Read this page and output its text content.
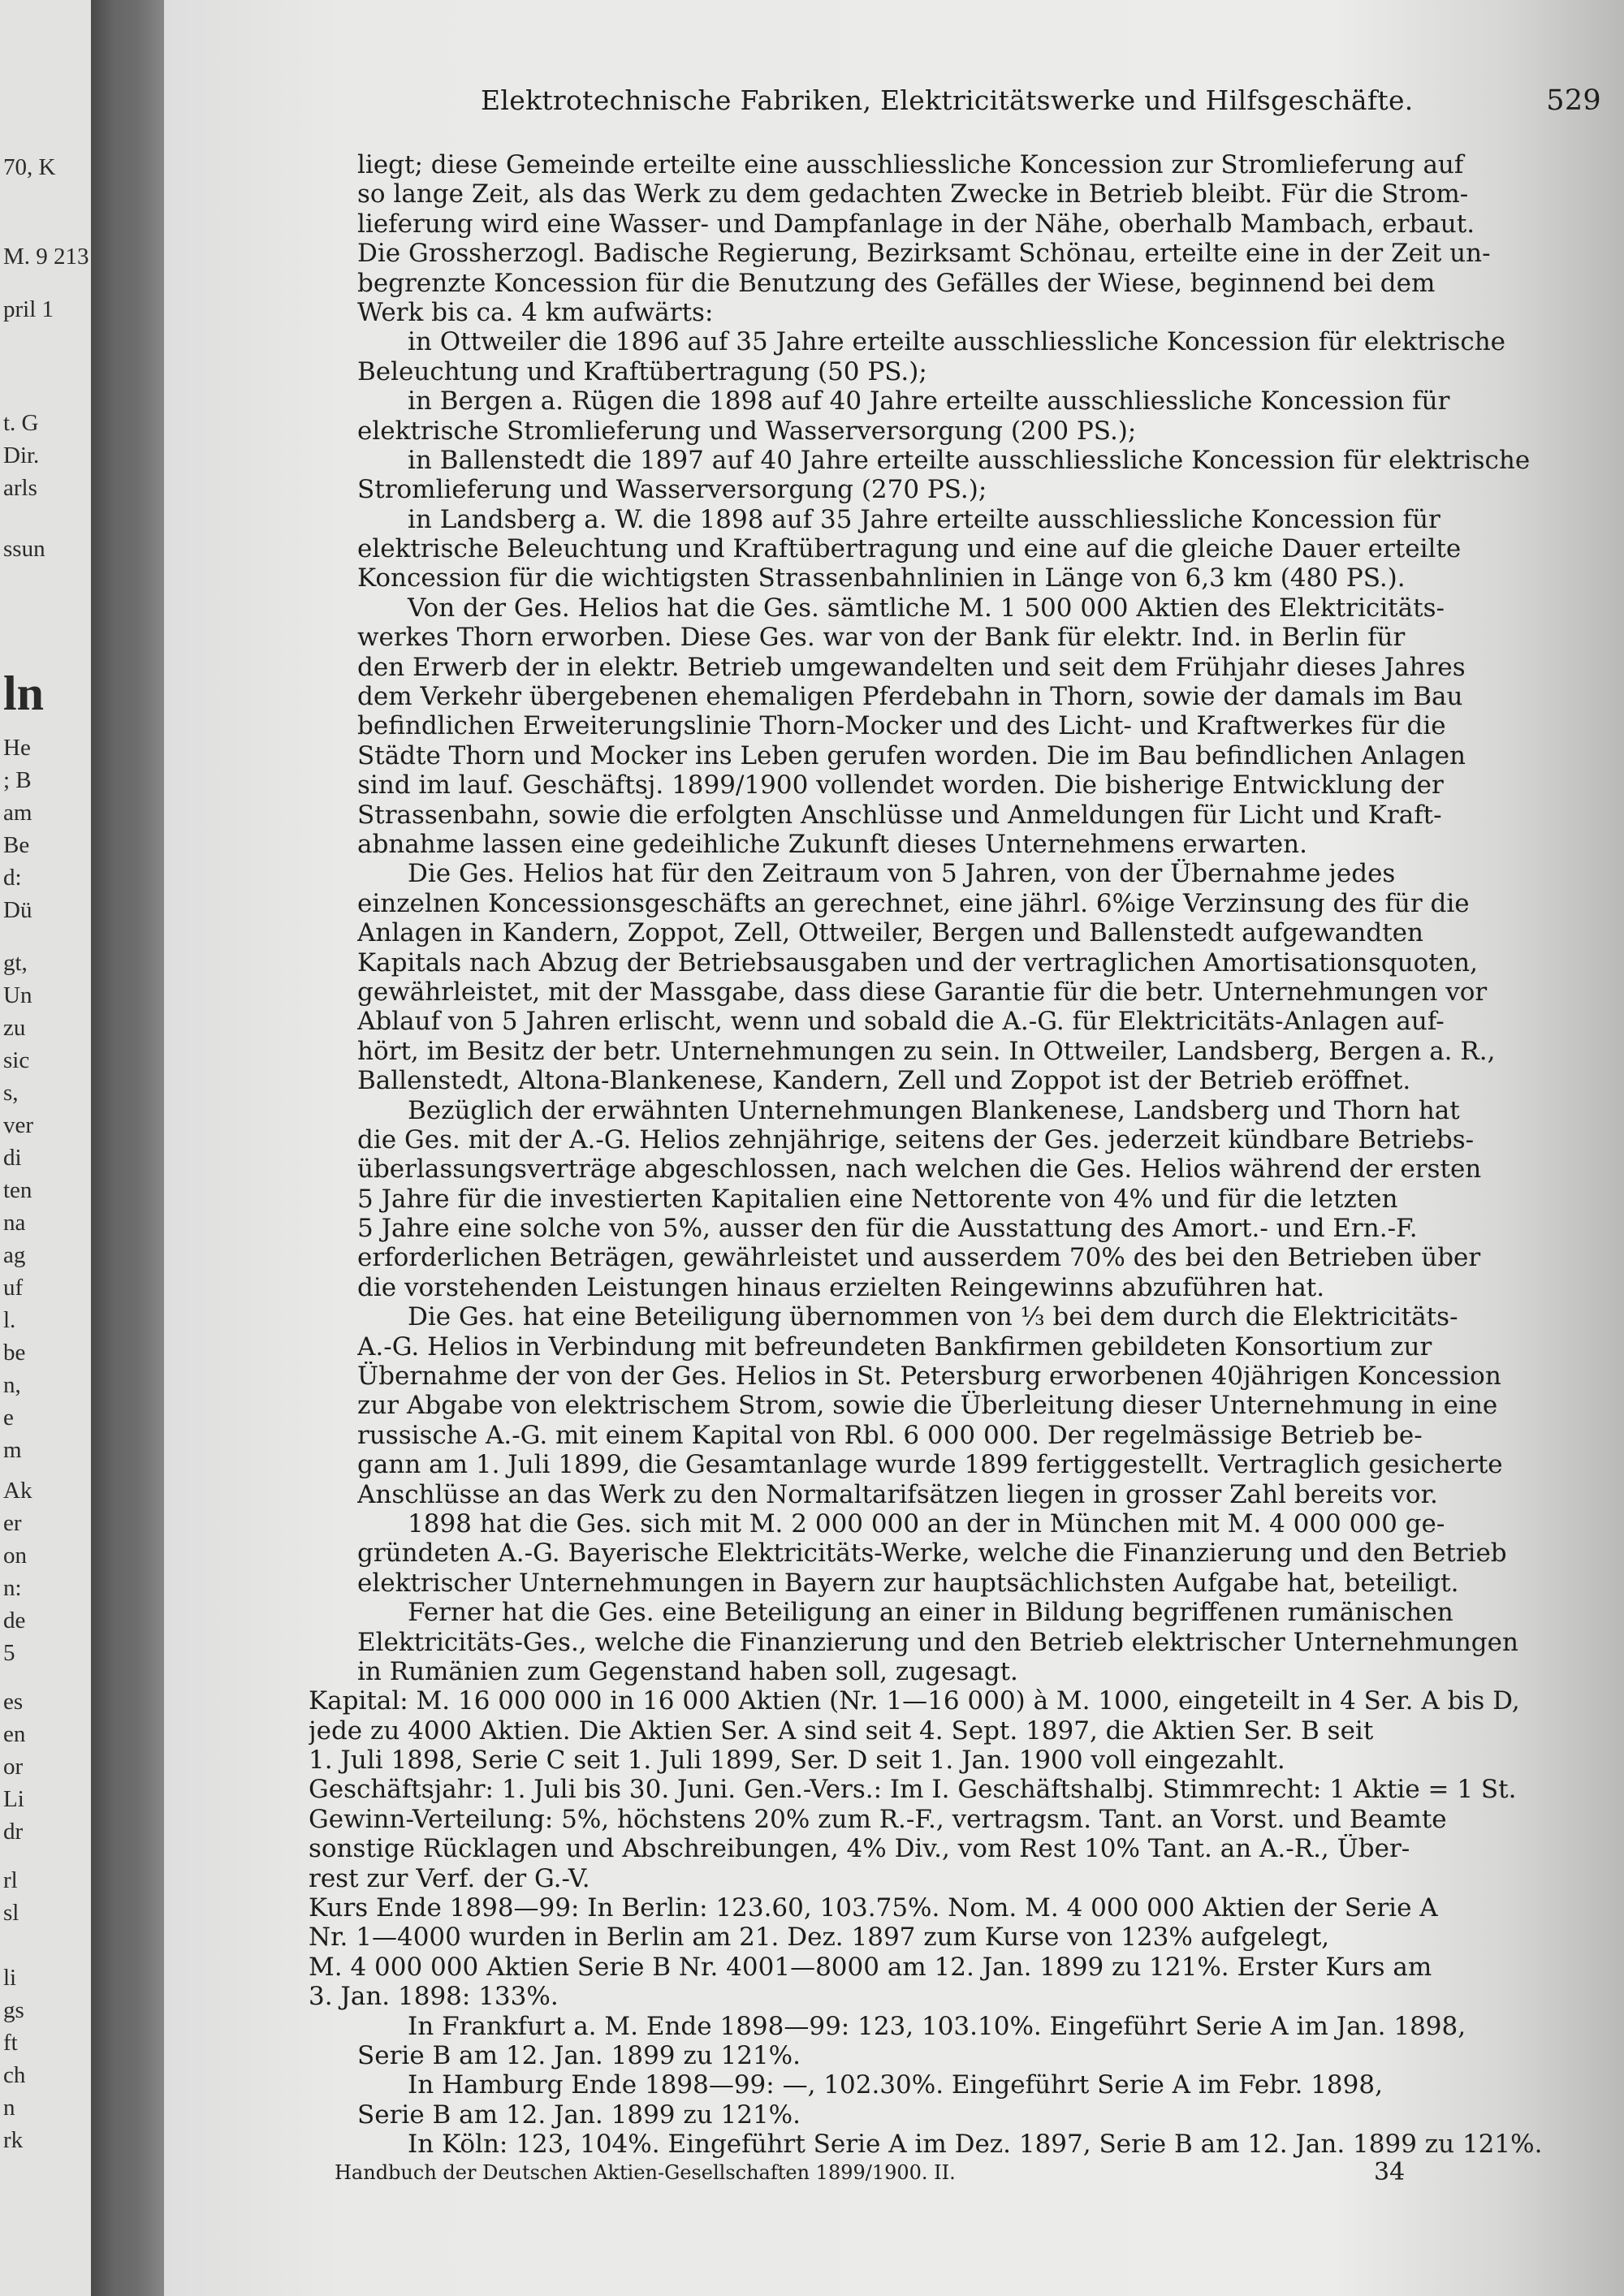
70, K
M. 9 213
pril 1
t. G
Dir.
arls
ssun
ln
He
; B
am
Be
d:
Dü
gt,
Un
zu
sic
s,
ver
di
ten
na
ag
uf
l.
be
n,
e
m
Ak
er
on
n:
de
5
es
en
or
Li
dr
rl
sl
li
gs
ft
ch
n
rk
Elektrotechnische Fabriken, Elektricitätswerke und Hilfsgeschäfte.	529
liegt; diese Gemeinde erteilte eine ausschliessliche Koncession zur Stromlieferung auf
so lange Zeit, als das Werk zu dem gedachten Zwecke in Betrieb bleibt. Für die Strom-
lieferung wird eine Wasser- und Dampfanlage in der Nähe, oberhalb Mambach, erbaut.
Die Grossherzogl. Badische Regierung, Bezirksamt Schönau, erteilte eine in der Zeit un-
begrenzte Koncession für die Benutzung des Gefälles der Wiese, beginnend bei dem
Werk bis ca. 4 km aufwärts:
in Ottweiler die 1896 auf 35 Jahre erteilte ausschliessliche Koncession für elektrische
Beleuchtung und Kraftübertragung (50 PS.);
in Bergen a. Rügen die 1898 auf 40 Jahre erteilte ausschliessliche Koncession für
elektrische Stromlieferung und Wasserversorgung (200 PS.);
in Ballenstedt die 1897 auf 40 Jahre erteilte ausschliessliche Koncession für elektrische
Stromlieferung und Wasserversorgung (270 PS.);
in Landsberg a. W. die 1898 auf 35 Jahre erteilte ausschliessliche Koncession für
elektrische Beleuchtung und Kraftübertragung und eine auf die gleiche Dauer erteilte
Koncession für die wichtigsten Strassenbahnlinien in Länge von 6,3 km (480 PS.).
Von der Ges. Helios hat die Ges. sämtliche M. 1 500 000 Aktien des Elektricitäts-
werkes Thorn erworben. Diese Ges. war von der Bank für elektr. Ind. in Berlin für
den Erwerb der in elektr. Betrieb umgewandelten und seit dem Frühjahr dieses Jahres
dem Verkehr übergebenen ehemaligen Pferdebahn in Thorn, sowie der damals im Bau
befindlichen Erweiterungslinie Thorn-Mocker und des Licht- und Kraftwerkes für die
Städte Thorn und Mocker ins Leben gerufen worden. Die im Bau befindlichen Anlagen
sind im lauf. Geschäftsj. 1899/1900 vollendet worden. Die bisherige Entwicklung der
Strassenbahn, sowie die erfolgten Anschlüsse und Anmeldungen für Licht und Kraft-
abnahme lassen eine gedeihliche Zukunft dieses Unternehmens erwarten.
Die Ges. Helios hat für den Zeitraum von 5 Jahren, von der Übernahme jedes
einzelnen Koncessionsgeschäfts an gerechnet, eine jährl. 6%ige Verzinsung des für die
Anlagen in Kandern, Zoppot, Zell, Ottweiler, Bergen und Ballenstedt aufgewandten
Kapitals nach Abzug der Betriebsausgaben und der vertraglichen Amortisationsquoten,
gewährleistet, mit der Massgabe, dass diese Garantie für die betr. Unternehmungen vor
Ablauf von 5 Jahren erlischt, wenn und sobald die A.-G. für Elektricitäts-Anlagen auf-
hört, im Besitz der betr. Unternehmungen zu sein. In Ottweiler, Landsberg, Bergen a. R.,
Ballenstedt, Altona-Blankenese, Kandern, Zell und Zoppot ist der Betrieb eröffnet.
Bezüglich der erwähnten Unternehmungen Blankenese, Landsberg und Thorn hat
die Ges. mit der A.-G. Helios zehnjährige, seitens der Ges. jederzeit kündbare Betriebs-
überlassungsverträge abgeschlossen, nach welchen die Ges. Helios während der ersten
5 Jahre für die investierten Kapitalien eine Nettorente von 4% und für die letzten
5 Jahre eine solche von 5%, ausser den für die Ausstattung des Amort.- und Ern.-F.
erforderlichen Beträgen, gewährleistet und ausserdem 70% des bei den Betrieben über
die vorstehenden Leistungen hinaus erzielten Reingewinns abzuführen hat.
Die Ges. hat eine Beteiligung übernommen von ⅓ bei dem durch die Elektricitäts-
A.-G. Helios in Verbindung mit befreundeten Bankfirmen gebildeten Konsortium zur
Übernahme der von der Ges. Helios in St. Petersburg erworbenen 40jährigen Koncession
zur Abgabe von elektrischem Strom, sowie die Überleitung dieser Unternehmung in eine
russische A.-G. mit einem Kapital von Rbl. 6 000 000. Der regelmässige Betrieb be-
gann am 1. Juli 1899, die Gesamtanlage wurde 1899 fertiggestellt. Vertraglich gesicherte
Anschlüsse an das Werk zu den Normaltarifsätzen liegen in grosser Zahl bereits vor.
1898 hat die Ges. sich mit M. 2 000 000 an der in München mit M. 4 000 000 ge-
gründeten A.-G. Bayerische Elektricitäts-Werke, welche die Finanzierung und den Betrieb
elektrischer Unternehmungen in Bayern zur hauptsächlichsten Aufgabe hat, beteiligt.
Ferner hat die Ges. eine Beteiligung an einer in Bildung begriffenen rumänischen
Elektricitäts-Ges., welche die Finanzierung und den Betrieb elektrischer Unternehmungen
in Rumänien zum Gegenstand haben soll, zugesagt.
Kapital: M. 16 000 000 in 16 000 Aktien (Nr. 1—16 000) à M. 1000, eingeteilt in 4 Ser. A bis D,
jede zu 4000 Aktien. Die Aktien Ser. A sind seit 4. Sept. 1897, die Aktien Ser. B seit
1. Juli 1898, Serie C seit 1. Juli 1899, Ser. D seit 1. Jan. 1900 voll eingezahlt.
Geschäftsjahr: 1. Juli bis 30. Juni. Gen.-Vers.: Im I. Geschäftshalbj. Stimmrecht: 1 Aktie = 1 St.
Gewinn-Verteilung: 5%, höchstens 20% zum R.-F., vertragsm. Tant. an Vorst. und Beamte
sonstige Rücklagen und Abschreibungen, 4% Div., vom Rest 10% Tant. an A.-R., Über-
rest zur Verf. der G.-V.
Kurs Ende 1898—99: In Berlin: 123.60, 103.75%. Nom. M. 4 000 000 Aktien der Serie A
Nr. 1—4000 wurden in Berlin am 21. Dez. 1897 zum Kurse von 123% aufgelegt,
M. 4 000 000 Aktien Serie B Nr. 4001—8000 am 12. Jan. 1899 zu 121%. Erster Kurs am
3. Jan. 1898: 133%.
In Frankfurt a. M. Ende 1898—99: 123, 103.10%. Eingeführt Serie A im Jan. 1898,
Serie B am 12. Jan. 1899 zu 121%.
In Hamburg Ende 1898—99: —, 102.30%. Eingeführt Serie A im Febr. 1898,
Serie B am 12. Jan. 1899 zu 121%.
In Köln: 123, 104%. Eingeführt Serie A im Dez. 1897, Serie B am 12. Jan. 1899 zu 121%.
Handbuch der Deutschen Aktien-Gesellschaften 1899/1900. II.	34
